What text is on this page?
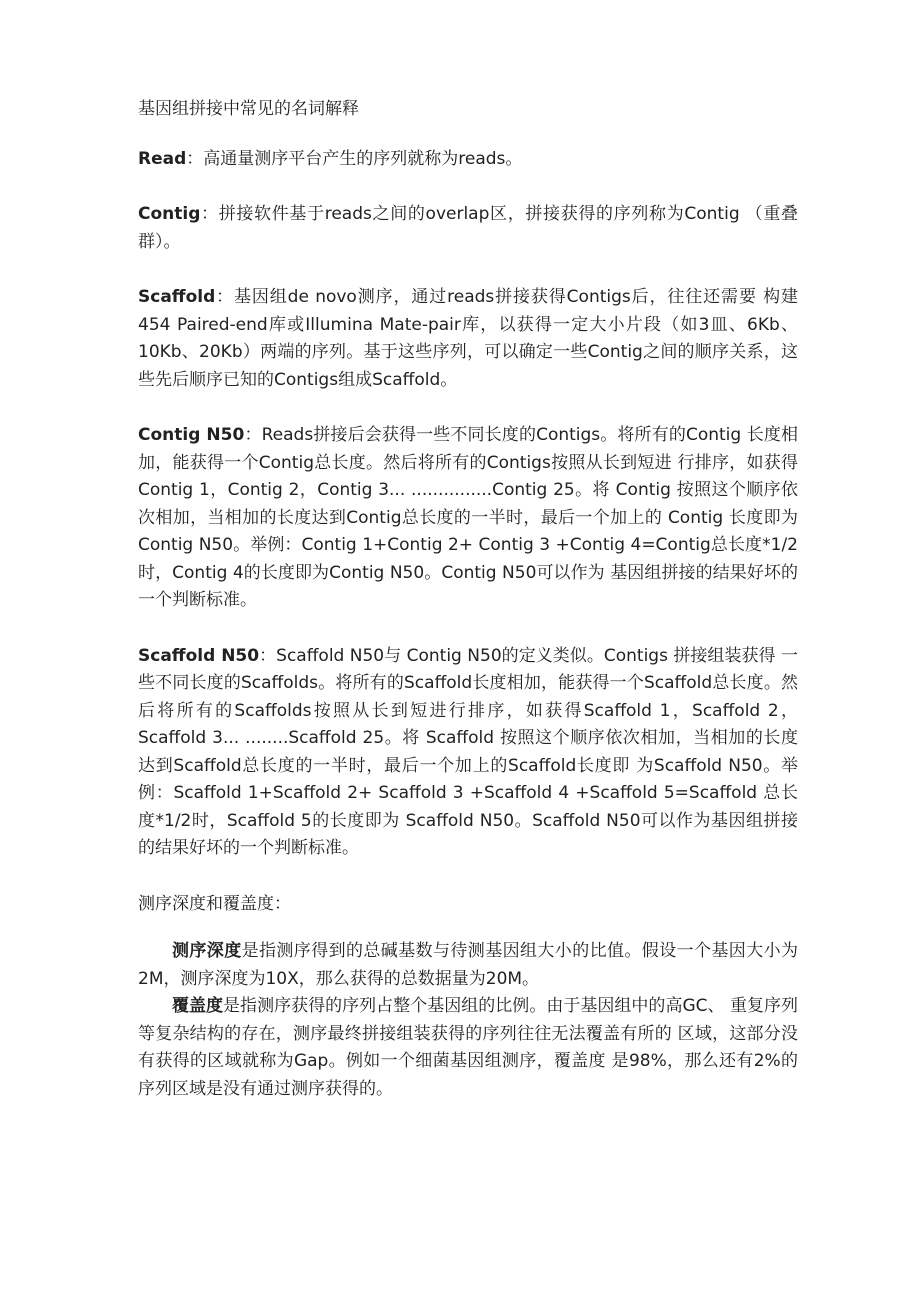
基因组拼接中常见的名词解释

Read：高通量测序平台产生的序列就称为reads。

Contig：拼接软件基于reads之间的overlap区，拼接获得的序列称为Contig （重叠群）。

Scaffold：基因组de novo测序，通过reads拼接获得Contigs后，往往还需要 构建454 Paired-end库或Illumina Mate-pair库，以获得一定大小片段（如3皿、6Kb、10Kb、20Kb）两端的序列。基于这些序列，可以确定一些Contig之间的顺序关系，这些先后顺序已知的Contigs组成Scaffold。

Contig N50：Reads拼接后会获得一些不同长度的Contigs。将所有的Contig 长度相加，能获得一个Contig总长度。然后将所有的Contigs按照从长到短进 行排序，如获得 Contig 1，Contig 2，Contig 3... ...............Contig 25。将 Contig 按照这个顺序依次相加，当相加的长度达到Contig总长度的一半时，最后一个加上的 Contig 长度即为 Contig N50。举例：Contig 1+Contig 2+ Contig 3 +Contig 4=Contig总长度*1/2时，Contig 4的长度即为Contig N50。Contig N50可以作为 基因组拼接的结果好坏的一个判断标准。

Scaffold N50：Scaffold N50与 Contig N50的定义类似。Contigs 拼接组装获得 一些不同长度的Scaffolds。将所有的Scaffold长度相加，能获得一个Scaffold总长度。然后将所有的Scaffolds按照从长到短进行排序，如获得Scaffold 1，Scaffold 2， Scaffold 3... ........Scaffold 25。将 Scaffold 按照这个顺序依次相加，当相加的长度达到Scaffold总长度的一半时，最后一个加上的Scaffold长度即 为Scaffold N50。举例：Scaffold 1+Scaffold 2+ Scaffold 3 +Scaffold 4 +Scaffold 5=Scaffold 总长度*1/2时，Scaffold 5的长度即为 Scaffold N50。Scaffold N50可以作为基因组拼接的结果好坏的一个判断标准。

测序深度和覆盖度：

测序深度是指测序得到的总碱基数与待测基因组大小的比值。假设一个基因大小为2M，测序深度为10X，那么获得的总数据量为20M。

覆盖度是指测序获得的序列占整个基因组的比例。由于基因组中的高GC、 重复序列等复杂结构的存在，测序最终拼接组装获得的序列往往无法覆盖有所的 区域，这部分没有获得的区域就称为Gap。例如一个细菌基因组测序，覆盖度 是98%，那么还有2%的序列区域是没有通过测序获得的。
